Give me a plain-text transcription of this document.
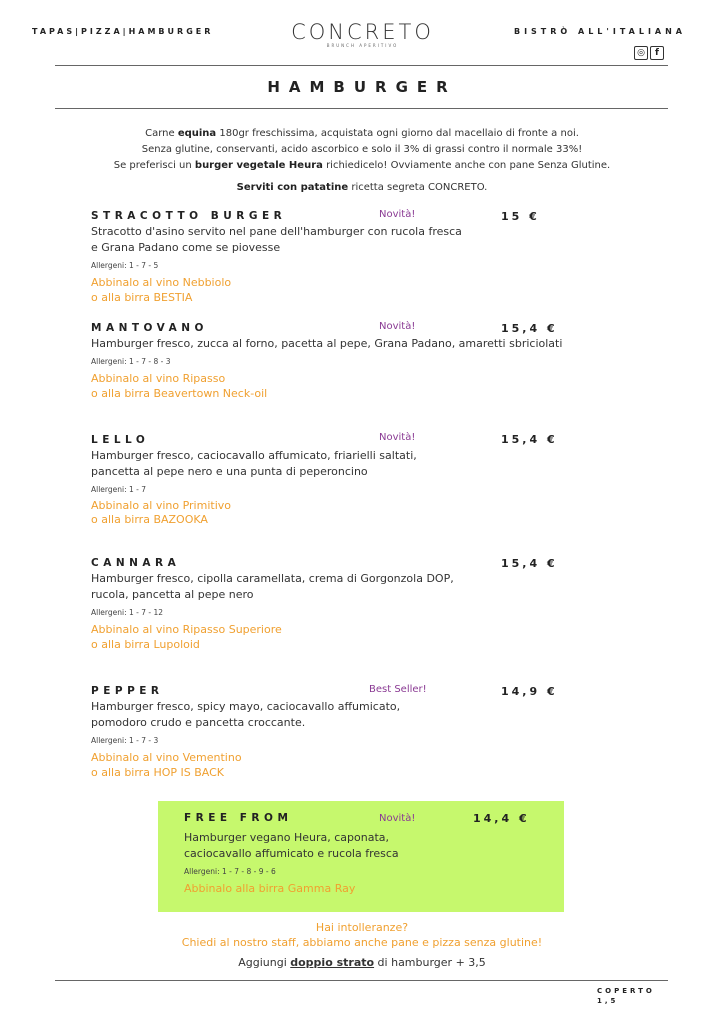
TAPAS|PIZZA|HAMBURGER	CONCRETO
BRUNCH APERITIVO
BISTRÒ ALL'ITALIANA
◎	f
HAMBURGER
Carne equina 180gr freschissima, acquistata ogni giorno dal macellaio di fronte a noi.
Senza glutine, conservanti, acido ascorbico e solo il 3% di grassi contro il normale 33%!
Se preferisci un burger vegetale Heura richiedicelo! Ovviamente anche con pane Senza Glutine.
Serviti con patatine ricetta segreta CONCRETO.
STRACOTTO BURGER
Stracotto d'asino servito nel pane dell'hamburger con rucola fresca
e Grana Padano come se piovesse
Allergeni: 1 - 7 - 5
Abbinalo al vino Nebbiolo
o alla birra BESTIA
Novità!	15 €
MANTOVANO
Hamburger fresco, zucca al forno, pacetta al pepe, Grana Padano, amaretti sbriciolati
Allergeni: 1 - 7 - 8 - 3
Abbinalo al vino Ripasso
o alla birra Beavertown Neck-oil
Novità!	15,4 €
LELLO
Hamburger fresco, caciocavallo affumicato, friarielli saltati,
pancetta al pepe nero e una punta di peperoncino
Allergeni: 1 - 7
Abbinalo al vino Primitivo
o alla birra BAZOOKA
Novità!	15,4 €
CANNARA
Hamburger fresco, cipolla caramellata, crema di Gorgonzola DOP,
rucola, pancetta al pepe nero
Allergeni: 1 - 7 - 12
Abbinalo al vino Ripasso Superiore
o alla birra Lupoloid
15,4 €
PEPPER
Hamburger fresco, spicy mayo, caciocavallo affumicato,
pomodoro crudo e pancetta croccante.
Allergeni: 1 - 7 - 3
Abbinalo al vino Vementino
o alla birra HOP IS BACK
Best Seller!	14,9 €
FREE FROM
Hamburger vegano Heura, caponata,
caciocavallo affumicato e rucola fresca
Allergeni: 1 - 7 - 8 - 9 - 6
Abbinalo alla birra Gamma Ray
Novità!	14,4 €
Hai intolleranze?
Chiedi al nostro staff, abbiamo anche pane e pizza senza glutine!
Aggiungi doppio strato di hamburger + 3,5
COPERTO
1,5
